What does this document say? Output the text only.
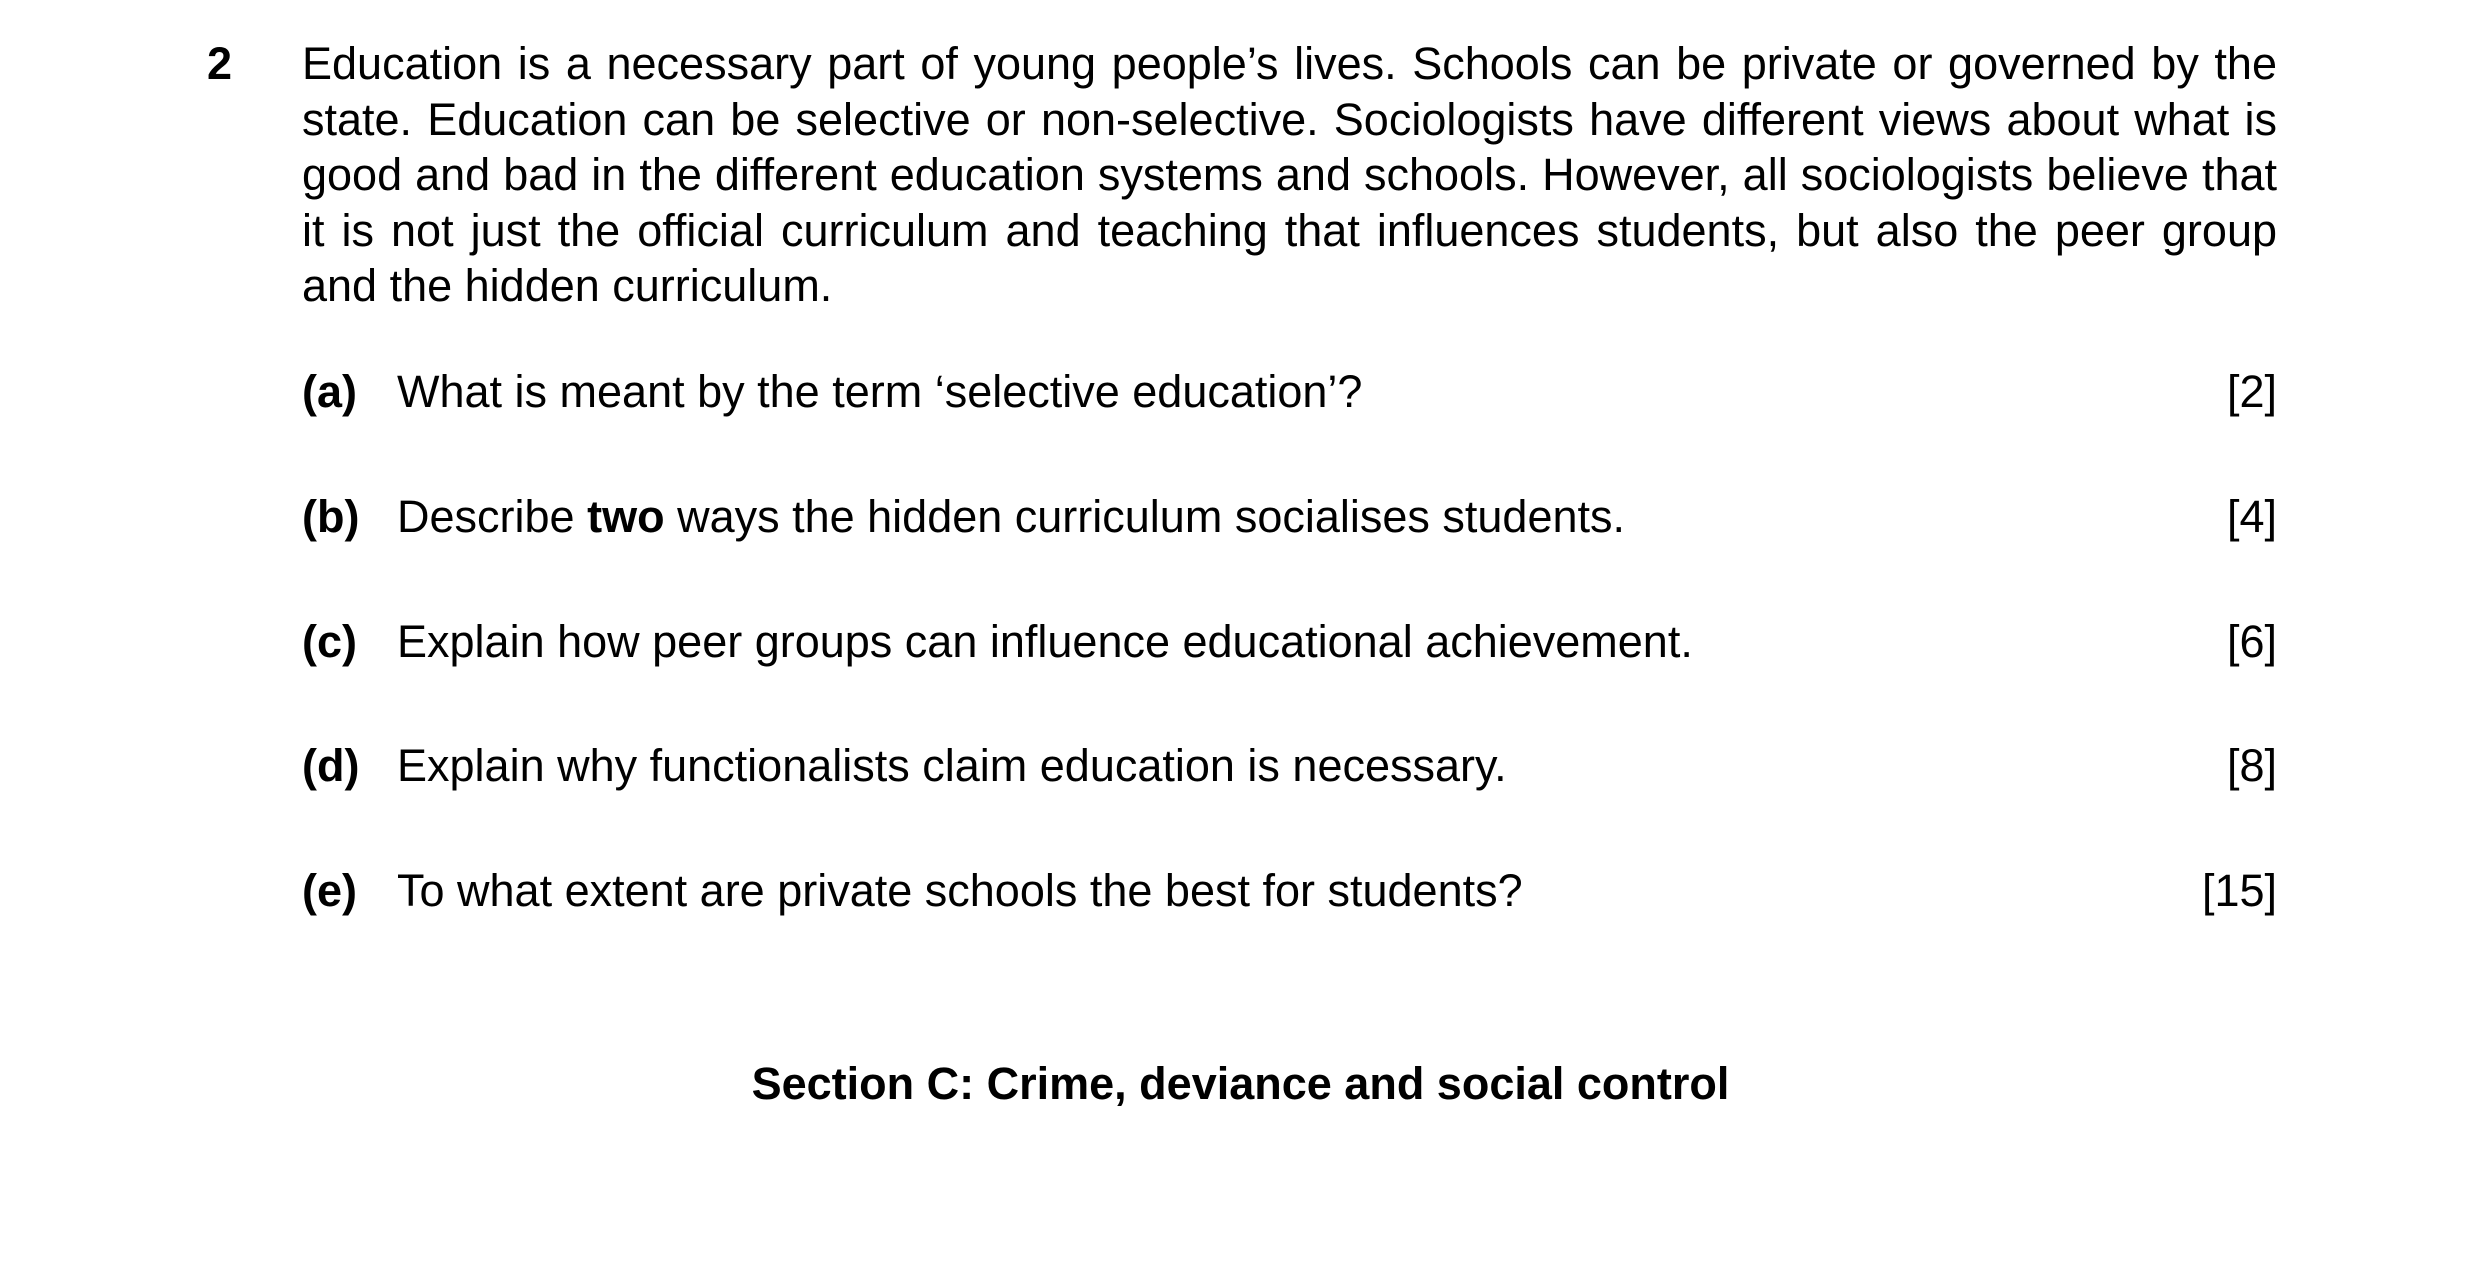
2 Education is a necessary part of young people’s lives. Schools can be private or governed by the state. Education can be selective or non-selective. Sociologists have different views about what is good and bad in the different education systems and schools. However, all sociologists believe that it is not just the official curriculum and teaching that influences students, but also the peer group and the hidden curriculum.

(a) What is meant by the term ‘selective education’?	[2]
(b) Describe two ways the hidden curriculum socialises students.	[4]
(c) Explain how peer groups can influence educational achievement.	[6]
(d) Explain why functionalists claim education is necessary.	[8]
(e) To what extent are private schools the best for students?	[15]
Section C: Crime, deviance and social control
